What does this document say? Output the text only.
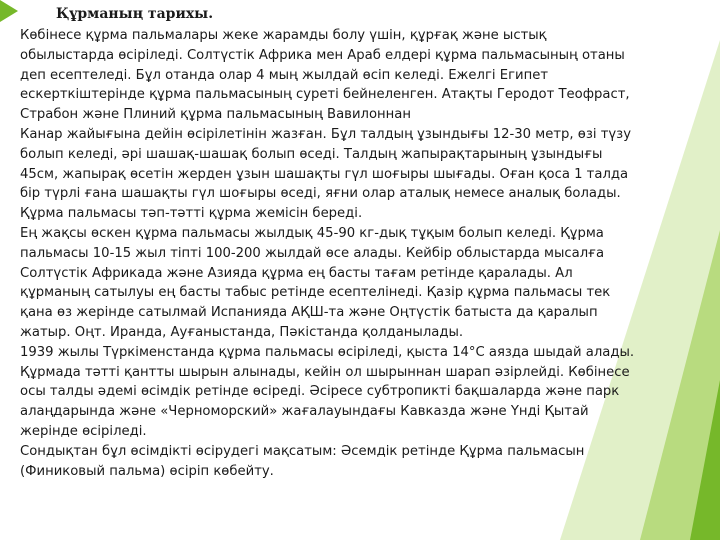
Құрманың тарихы.
Көбінесе құрма пальмалары жеке жарамды болу үшін, құрғақ және ыстық
обылыстарда өсіріледі. Солтүстік Африка мен Араб елдері құрма пальмасының отаны
деп есептеледі. Бұл отанда олар 4 мың жылдай өсіп келеді. Ежелгі Египет
ескерткіштерінде құрма пальмасының суреті бейнеленген. Атақты Геродот Теофраст,
Страбон және Плиний құрма пальмасының Вавилоннан
Канар жайығына дейін өсірілетінін жазған. Бұл талдың ұзындығы 12-30 метр, өзі түзу
болып келеді, әрі шашақ-шашақ болып өседі. Талдың жапырақтарының ұзындығы
45см, жапырақ өсетін жерден ұзын шашақты гүл шоғыры шығады. Оған қоса 1 талда
бір түрлі ғана шашақты гүл шоғыры өседі, яғни олар аталық немесе аналық болады.
Құрма пальмасы тәп-тәтті құрма жемісін береді.
Ең жақсы өскен құрма пальмасы жылдық 45-90 кг-дық тұқым болып келеді. Құрма
пальмасы 10-15 жыл тіпті 100-200 жылдай өсе алады. Кейбір облыстарда мысалға
Солтүстік Африкада және Азияда құрма ең басты тағам ретінде қаралады. Ал
құрманың сатылуы ең басты табыс ретінде есептелінеді. Қазір құрма пальмасы тек
қана өз жерінде сатылмай Испанияда АҚШ-та және Оңтүстік батыста да қаралып
жатыр. Оңт. Иранда, Ауғаныстанда, Пәкістанда қолданылады.
1939 жылы Түркіменстанда құрма пальмасы өсіріледі, қыста 14°С аязда шыдай алады.
Құрмада тәтті қантты шырын алынады, кейін ол шырыннан шарап әзірлейді. Көбінесе
осы талды әдемі өсімдік ретінде өсіреді. Әсіресе субтропикті бақшаларда және парк
алаңдарында және «Черноморский» жағалауындағы Кавказда және Үнді Қытай
жерінде өсіріледі.
Сондықтан бұл өсімдікті өсірудегі мақсатым: Әсемдік ретінде Құрма пальмасын
(Финиковый пальма) өсіріп көбейту.
